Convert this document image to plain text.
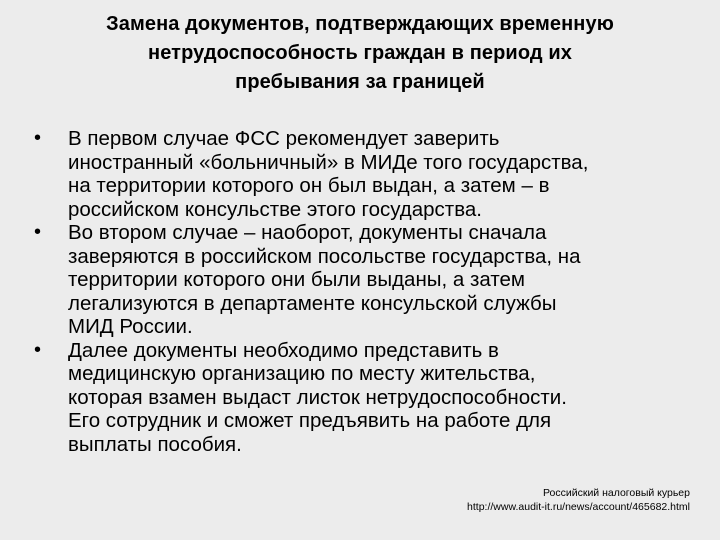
Замена документов, подтверждающих временную
нетрудоспособность граждан в период их
пребывания за границей
• В первом случае ФСС рекомендует заверить
иностранный «больничный» в МИДе того государства,
на территории которого он был выдан, а затем – в
российском консульстве этого государства.
• Во втором случае – наоборот, документы сначала
заверяются в российском посольстве государства, на
территории которого они были выданы, а затем
легализуются в департаменте консульской службы
МИД России.
• Далее документы необходимо представить в
медицинскую организацию по месту жительства,
которая взамен выдаст листок нетрудоспособности.
Его сотрудник и сможет предъявить на работе для
выплаты пособия.
Российский налоговый курьер
http://www.audit-it.ru/news/account/465682.html
